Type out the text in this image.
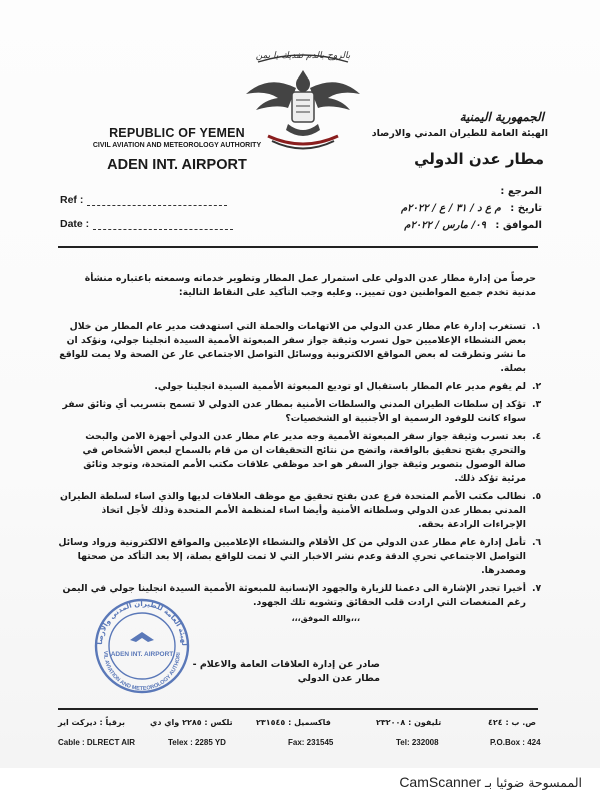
بالروح بالدم نفديك يا يمن
REPUBLIC OF YEMEN
CIVIL AVIATION AND METEOROLOGY AUTHORITY
ADEN INT. AIRPORT
الجمهورية اليمنية
الهيئة العامة للطيران المدني والارصاد
مطار عدن الدولي
Ref :
Date :
المرجع :
تاريخ : م ع د / ٣١ / ع / ٢٠٢٢م
الموافق : ٠٩/ مارس / ٢٠٢٢م
حرصاً من إدارة مطار عدن الدولي على استمرار عمل المطار وتطوير خدماته وسمعته باعتباره منشأة مدنية تخدم جميع المواطنين دون تمييز.. وعليه وجب التأكيد على النقاط التالية:
١.
تستغرب إدارة عام مطار عدن الدولي من الاتهامات والحملة التي استهدفت مدير عام المطار من خلال بعض النشطاء الإعلاميين حول تسرب وثيقة جواز سفر المبعوثة الأممية السيدة انجلينا جولي، ونؤكد ان ما نشر وتطرقت له بعض المواقع الالكترونية ووسائل التواصل الاجتماعي عار عن الصحة ولا يمت للواقع بصلة.
٢.
لم يقوم مدير عام المطار باستقبال او توديع المبعوثة الأممية السيدة انجلينا جولي.
٣.
تؤكد إن سلطات الطيران المدني والسلطات الأمنية بمطار عدن الدولي لا تسمح بتسريب أي وثائق سفر سواء كانت للوفود الرسمية او الأجنبية او الشخصيات؟
٤.
بعد تسرب وثيقة جواز سفر المبعوثة الأممية وجه مدير عام مطار عدن الدولي أجهزة الامن والبحث والتحري بفتح تحقيق بالواقعة، واتضح من نتائج التحقيقات ان من قام بالسماح لبعض الأشخاص في صالة الوصول بتصوير وثيقة جواز السفر هو احد موظفي علاقات مكتب الأمم المتحدة، وتوجد وثائق مرئية تؤكد ذلك.
٥.
نطالب مكتب الأمم المتحدة فرع عدن بفتح تحقيق مع موظف العلاقات لديها والذي اساء لسلطة الطيران المدني بمطار عدن الدولي وسلطاته الأمنية وأيضا اساء لمنظمة الأمم المتحدة وذلك لأجل اتخاذ الإجراءات الرادعة بحقه.
٦.
تأمل إدارة عام مطار عدن الدولي من كل الأقلام والنشطاء الإعلاميين والمواقع الالكترونية ورواد وسائل التواصل الاجتماعي تحري الدقة وعدم نشر الاخبار التي لا تمت للواقع بصلة، إلا بعد التأكد من صحتها ومصدرها.
٧.
أخيرا تجدر الإشارة الى دعمنا للزيارة والجهود الإنسانية للمبعوثة الأممية السيدة انجلينا جولي في اليمن رغم المنغصات التي ارادت قلب الحقائق وتشويه تلك الجهود.
،،،والله الموفق،،،
لهيئة العامة للطيران المدني والارصاد
VIL AVIATION AND METEOROLOGY AUTHORI
ADEN INT. AIRPORT
صادر عن إدارة العلاقات العامة والاعلام - مطار عدن الدولي
برقياً : ديركت اير	تلكس : ٢٢٨٥ واي دي	فاكسميل : ٢٣١٥٤٥	تليفون : ٢٣٢٠٠٨	ص. ب : ٤٢٤
Cable : DLRECT AIR	Telex : 2285 YD	Fax: 231545	Tel: 232008	P.O.Box : 424
الممسوحة ضوئيا بـ CamScanner
